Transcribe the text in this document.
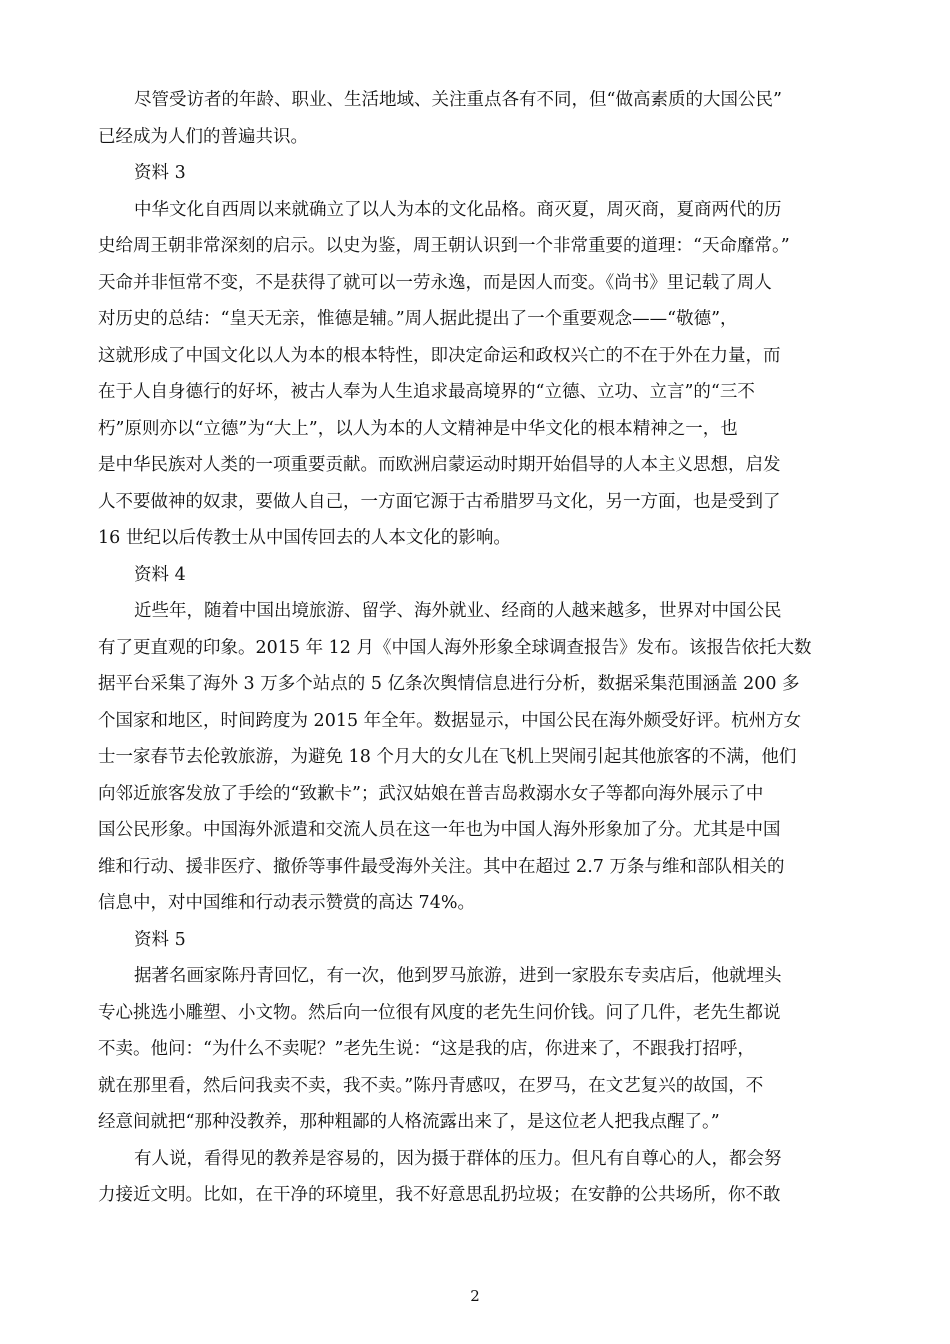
尽管受访者的年龄、职业、生活地域、关注重点各有不同，但“做高素质的大国公民”
已经成为人们的普遍共识。
资料 3
中华文化自西周以来就确立了以人为本的文化品格。商灭夏，周灭商，夏商两代的历
史给周王朝非常深刻的启示。以史为鉴，周王朝认识到一个非常重要的道理：“天命靡常。”
天命并非恒常不变，不是获得了就可以一劳永逸，而是因人而变。《尚书》里记载了周人
对历史的总结：“皇天无亲，惟德是辅。”周人据此提出了一个重要观念——“敬德”，
这就形成了中国文化以人为本的根本特性，即决定命运和政权兴亡的不在于外在力量，而
在于人自身德行的好坏，被古人奉为人生追求最高境界的“立德、立功、立言”的“三不
朽”原则亦以“立德”为“大上”，以人为本的人文精神是中华文化的根本精神之一，也
是中华民族对人类的一项重要贡献。而欧洲启蒙运动时期开始倡导的人本主义思想，启发
人不要做神的奴隶，要做人自己，一方面它源于古希腊罗马文化，另一方面，也是受到了
16 世纪以后传教士从中国传回去的人本文化的影响。
资料 4
近些年，随着中国出境旅游、留学、海外就业、经商的人越来越多，世界对中国公民
有了更直观的印象。2015 年 12 月《中国人海外形象全球调查报告》发布。该报告依托大数
据平台采集了海外 3 万多个站点的 5 亿条次舆情信息进行分析，数据采集范围涵盖 200 多
个国家和地区，时间跨度为 2015 年全年。数据显示，中国公民在海外颇受好评。杭州方女
士一家春节去伦敦旅游，为避免 18 个月大的女儿在飞机上哭闹引起其他旅客的不满，他们
向邻近旅客发放了手绘的“致歉卡”；武汉姑娘在普吉岛救溺水女子等都向海外展示了中
国公民形象。中国海外派遣和交流人员在这一年也为中国人海外形象加了分。尤其是中国
维和行动、援非医疗、撤侨等事件最受海外关注。其中在超过 2.7 万条与维和部队相关的
信息中，对中国维和行动表示赞赏的高达 74%。
资料 5
据著名画家陈丹青回忆，有一次，他到罗马旅游，进到一家股东专卖店后，他就埋头
专心挑选小雕塑、小文物。然后向一位很有风度的老先生问价钱。问了几件，老先生都说
不卖。他问：“为什么不卖呢？”老先生说：“这是我的店，你进来了，不跟我打招呼，
就在那里看，然后问我卖不卖，我不卖。”陈丹青感叹，在罗马，在文艺复兴的故国，不
经意间就把“那种没教养，那种粗鄙的人格流露出来了，是这位老人把我点醒了。”
有人说，看得见的教养是容易的，因为摄于群体的压力。但凡有自尊心的人，都会努
力接近文明。比如，在干净的环境里，我不好意思乱扔垃圾；在安静的公共场所，你不敢
2
